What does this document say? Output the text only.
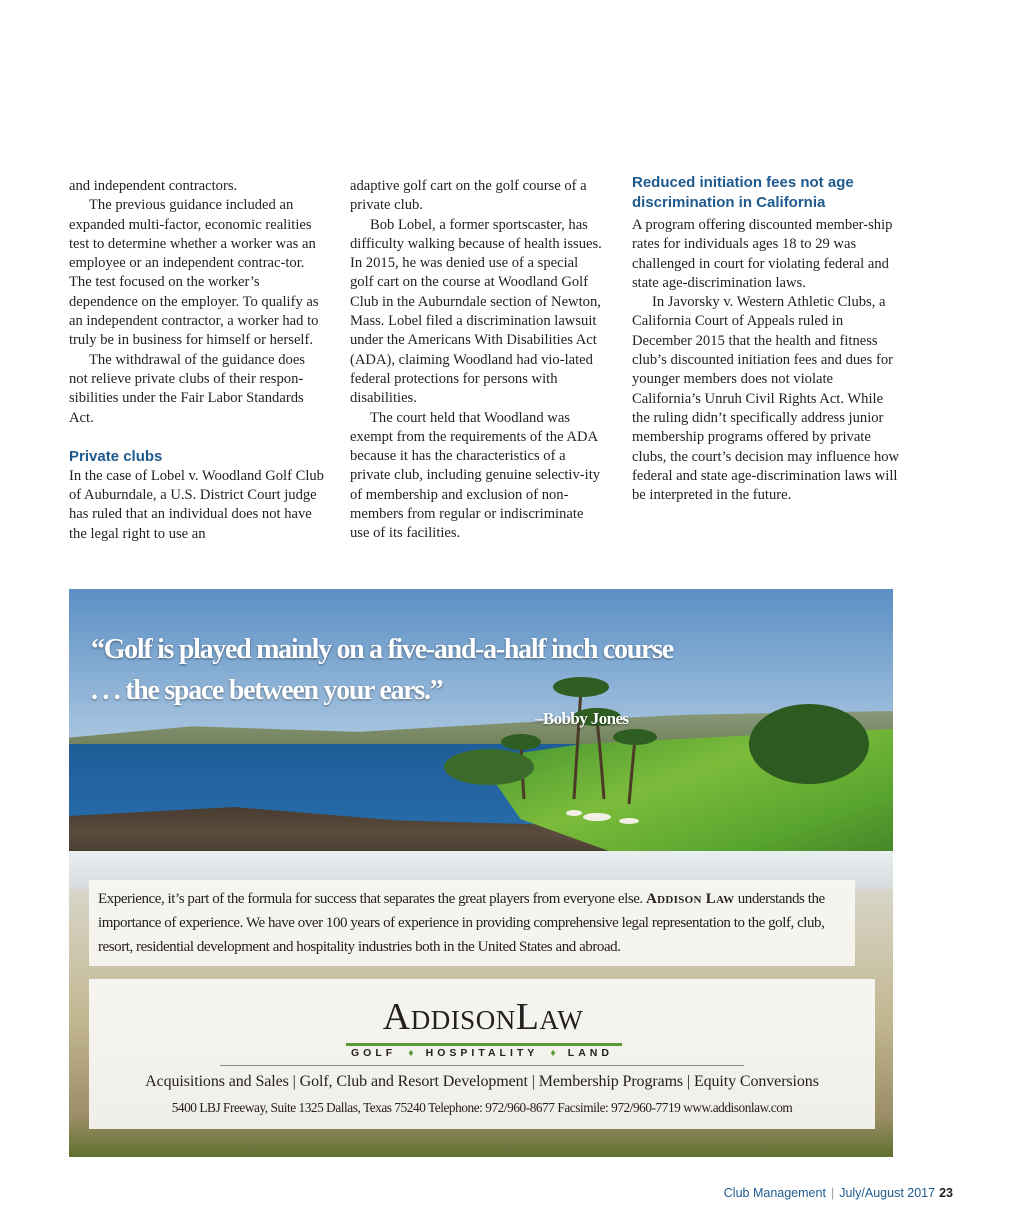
and independent contractors.

The previous guidance included an expanded multi-factor, economic realities test to determine whether a worker was an employee or an independent contrac-tor. The test focused on the worker’s dependence on the employer. To qualify as an independent contractor, a worker had to truly be in business for himself or herself.

The withdrawal of the guidance does not relieve private clubs of their respon-sibilities under the Fair Labor Standards Act.

Private clubs

In the case of Lobel v. Woodland Golf Club of Auburndale, a U.S. District Court judge has ruled that an individual does not have the legal right to use an

adaptive golf cart on the golf course of a private club.

Bob Lobel, a former sportscaster, has difficulty walking because of health issues. In 2015, he was denied use of a special golf cart on the course at Woodland Golf Club in the Auburndale section of Newton, Mass. Lobel filed a discrimination lawsuit under the Americans With Disabilities Act (ADA), claiming Woodland had vio-lated federal protections for persons with disabilities.

The court held that Woodland was exempt from the requirements of the ADA because it has the characteristics of a private club, including genuine selectiv-ity of membership and exclusion of non-members from regular or indiscriminate use of its facilities.

Reduced initiation fees not age
discrimination in California

A program offering discounted member-ship rates for individuals ages 18 to 29 was challenged in court for violating federal and state age-discrimination laws.

In Javorsky v. Western Athletic Clubs, a California Court of Appeals ruled in December 2015 that the health and fitness club’s discounted initiation fees and dues for younger members does not violate California’s Unruh Civil Rights Act. While the ruling didn’t specifically address junior membership programs offered by private clubs, the court’s decision may influence how federal and state age-discrimination laws will be interpreted in the future.

“Golf is played mainly on a five-and-a-half inch course
. . . the space between your ears.”

–Bobby Jones

Experience, it’s part of the formula for success that separates the great players from everyone else. Addison Law understands the importance of experience. We have over 100 years of experience in providing comprehensive legal representation to the golf, club, resort, residential development and hospitality industries both in the United States and abroad.

AddisonLaw
GOLF ♦ HOSPITALITY ♦ LAND
Acquisitions and Sales | Golf, Club and Resort Development | Membership Programs | Equity Conversions
5400 LBJ Freeway, Suite 1325 Dallas, Texas 75240 Telephone: 972/960-8677 Facsimile: 972/960-7719 www.addisonlaw.com
Club Management | July/August 2017 23
